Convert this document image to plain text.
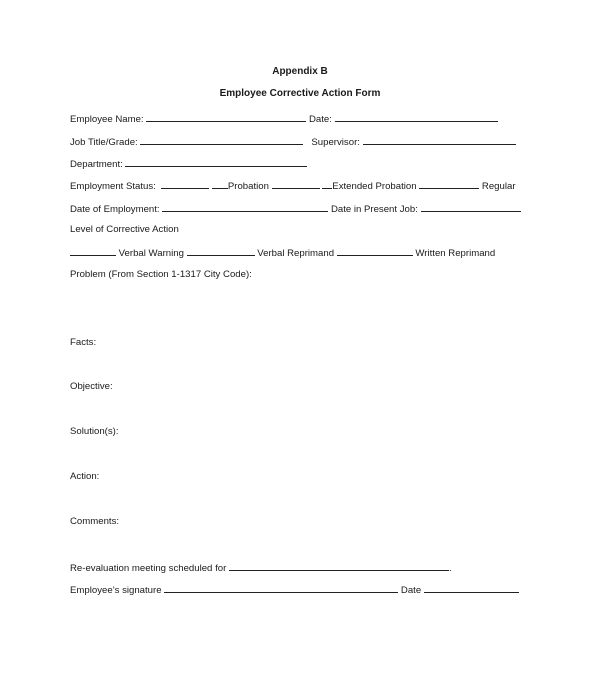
Appendix B
Employee Corrective Action Form
Employee Name:	Date:
Job Title/Grade:	Supervisor:
Department:
Employment Status:	Probation	Extended Probation	Regular
Date of Employment:	Date in Present Job:
Level of Corrective Action
Verbal Warning	Verbal Reprimand	Written Reprimand
Problem (From Section 1-1317 City Code):
Facts:
Objective:
Solution(s):
Action:
Comments:
Re-evaluation meeting scheduled for	.
Employee’s signature	Date
